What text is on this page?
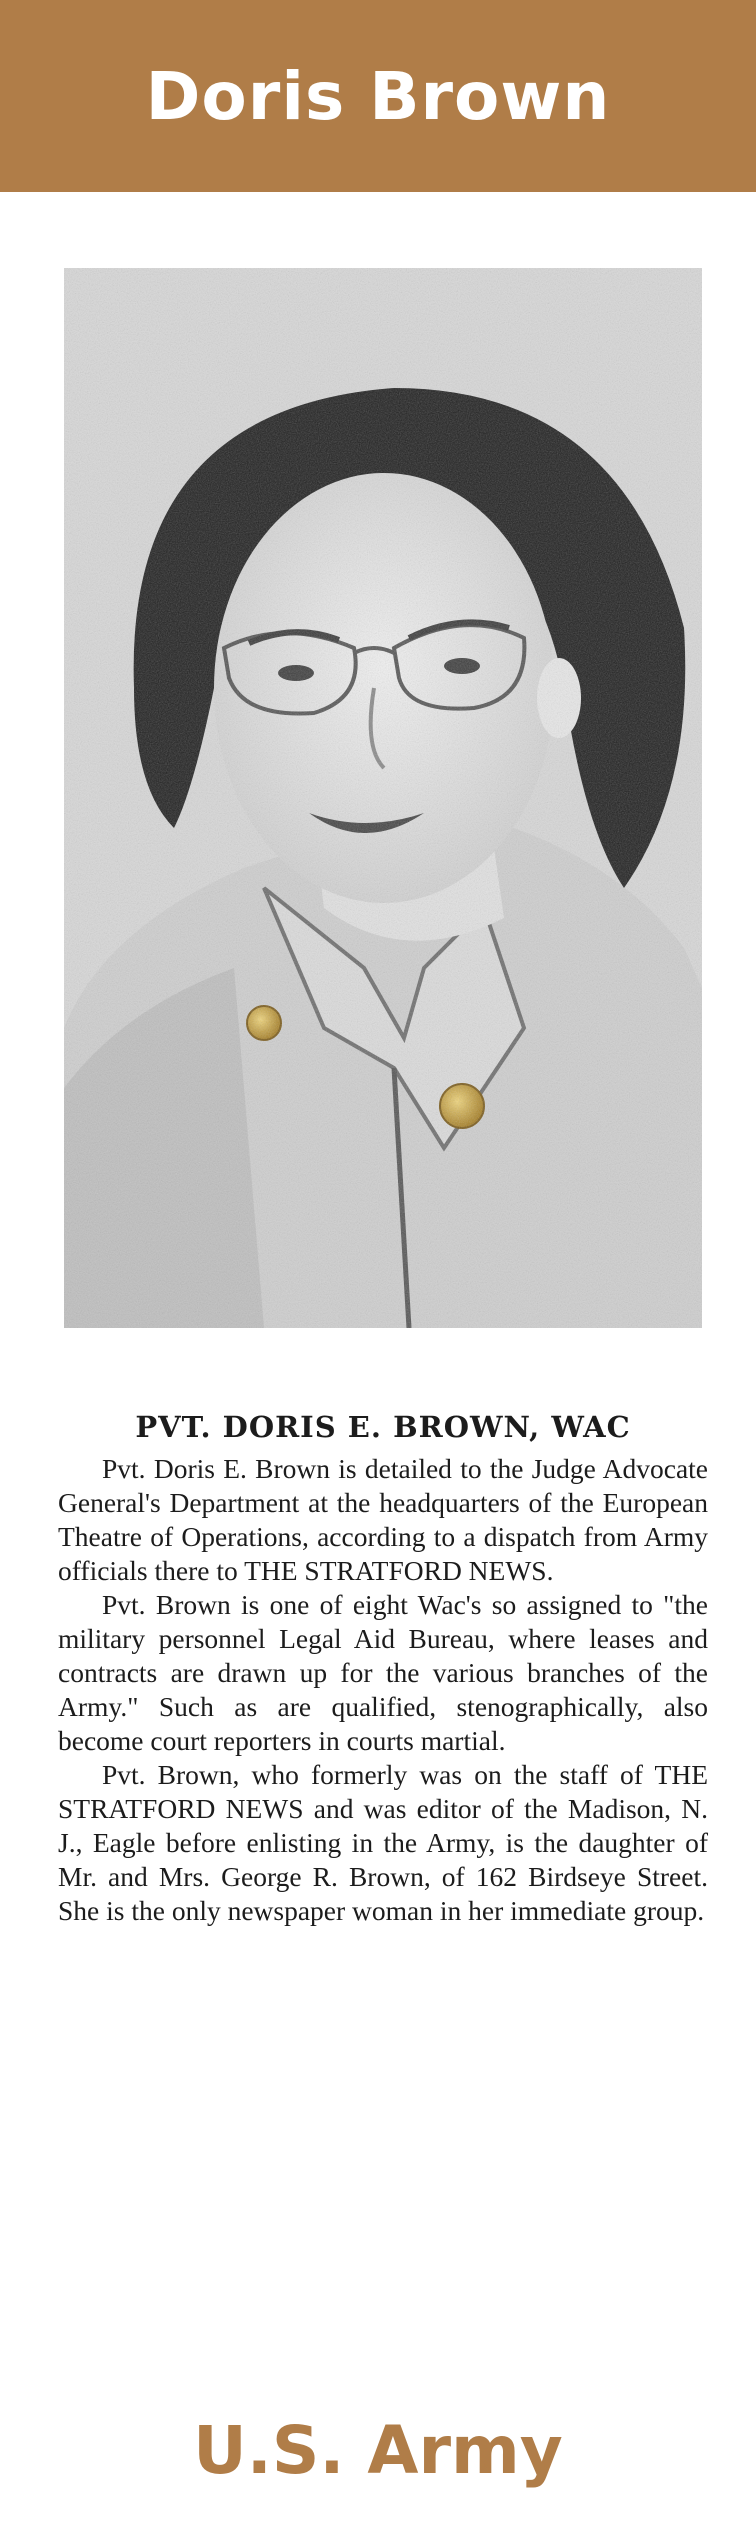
Doris Brown
PVT. DORIS E. BROWN, WAC

Pvt. Doris E. Brown is detailed to the Judge Advocate General's Department at the headquarters of the European Theatre of Operations, according to a dispatch from Army officials there to THE STRATFORD NEWS.

Pvt. Brown is one of eight Wac's so assigned to "the military personnel Legal Aid Bureau, where leases and contracts are drawn up for the various branches of the Army." Such as are qualified, stenographically, also become court reporters in courts martial.

Pvt. Brown, who formerly was on the staff of THE STRATFORD NEWS and was editor of the Madison, N. J., Eagle before enlisting in the Army, is the daughter of Mr. and Mrs. George R. Brown, of 162 Birdseye Street. She is the only newspaper woman in her immediate group.

U.S. Army
